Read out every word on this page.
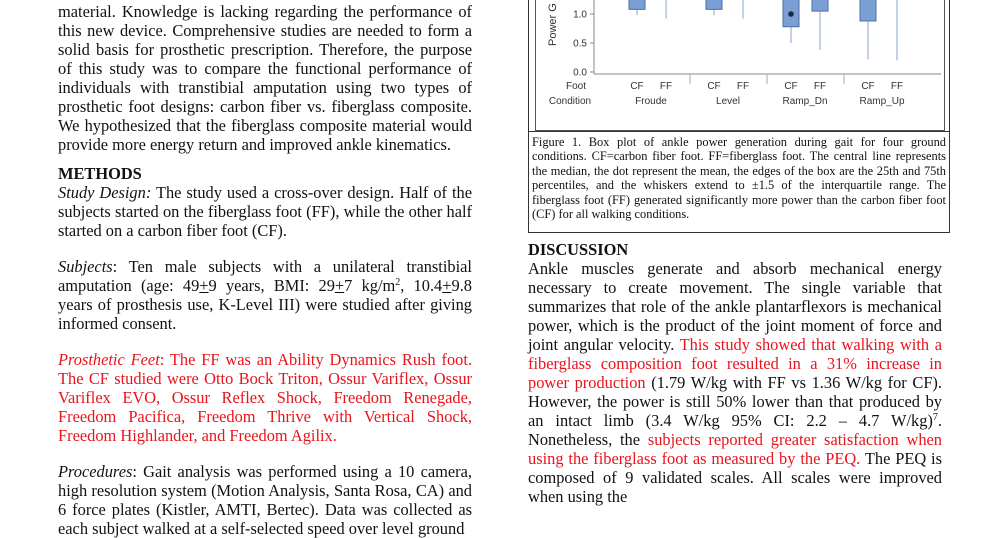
material. Knowledge is lacking regarding the performance of
this new device. Comprehensive studies are needed to form a
solid basis for prosthetic prescription. Therefore, the purpose
of this study was to compare the functional performance of
individuals with transtibial amputation using two types of
prosthetic foot designs: carbon fiber vs. fiberglass composite.
We hypothesized that the fiberglass composite material would
provide more energy return and improved ankle kinematics.
METHODS

Study Design: The study used a cross-over design. Half of the subjects started on the fiberglass foot (FF), while the other half started on a carbon fiber foot (CF).

Subjects: Ten male subjects with a unilateral transtibial amputation (age: 49+9 years, BMI: 29+7 $kg/m^2$, 10.4+9.8 years of prosthesis use, K-Level III) were studied after giving informed consent.

Prosthetic Feet: The FF was an Ability Dynamics Rush foot. The CF studied were Otto Bock Triton, Ossur Variflex, Ossur Variflex EVO, Ossur Reflex Shock, Freedom Renegade, Freedom Pacifica, Freedom Thrive with Vertical Shock, Freedom Highlander, and Freedom Agilix.

Procedures: Gait analysis was performed using a 10 camera, high resolution system (Motion Analysis, Santa Rosa, CA) and 6 force plates (Kistler, AMTI, Bertec). Data was collected as each subject walked at a self-selected speed over level ground

Power G 1.0
0.5
0.0
CF FF	CF FF	CF FF	CF FF
Foot
Condition	Froude	Level	Ramp_Dn	Ramp_Up
Figure 1. Box plot of ankle power generation during gait for four ground conditions. CF=carbon fiber foot. FF=fiberglass foot. The central line represents the median, the dot represent the mean, the edges of the box are the 25th and 75th percentiles, and the whiskers extend to ±1.5 of the interquartile range. The fiberglass foot (FF) generated significantly more power than the carbon fiber foot (CF) for all walking conditions.
DISCUSSION

Ankle muscles generate and absorb mechanical energy necessary to create movement. The single variable that summarizes that role of the ankle plantarflexors is mechanical power, which is the product of the joint moment of force and joint angular velocity. This study showed that walking with a fiberglass composition foot resulted in a 31% increase in power production (1.79 W/kg with FF vs 1.36 W/kg for CF). However, the power is still 50% lower than that produced by an intact limb (3.4 W/kg 95% CI: 2.2 – 4.7 W/kg)$^7$. Nonetheless, the subjects reported greater satisfaction when using the fiberglass foot as measured by the PEQ. The PEQ is composed of 9 validated scales. All scales were improved when using the
